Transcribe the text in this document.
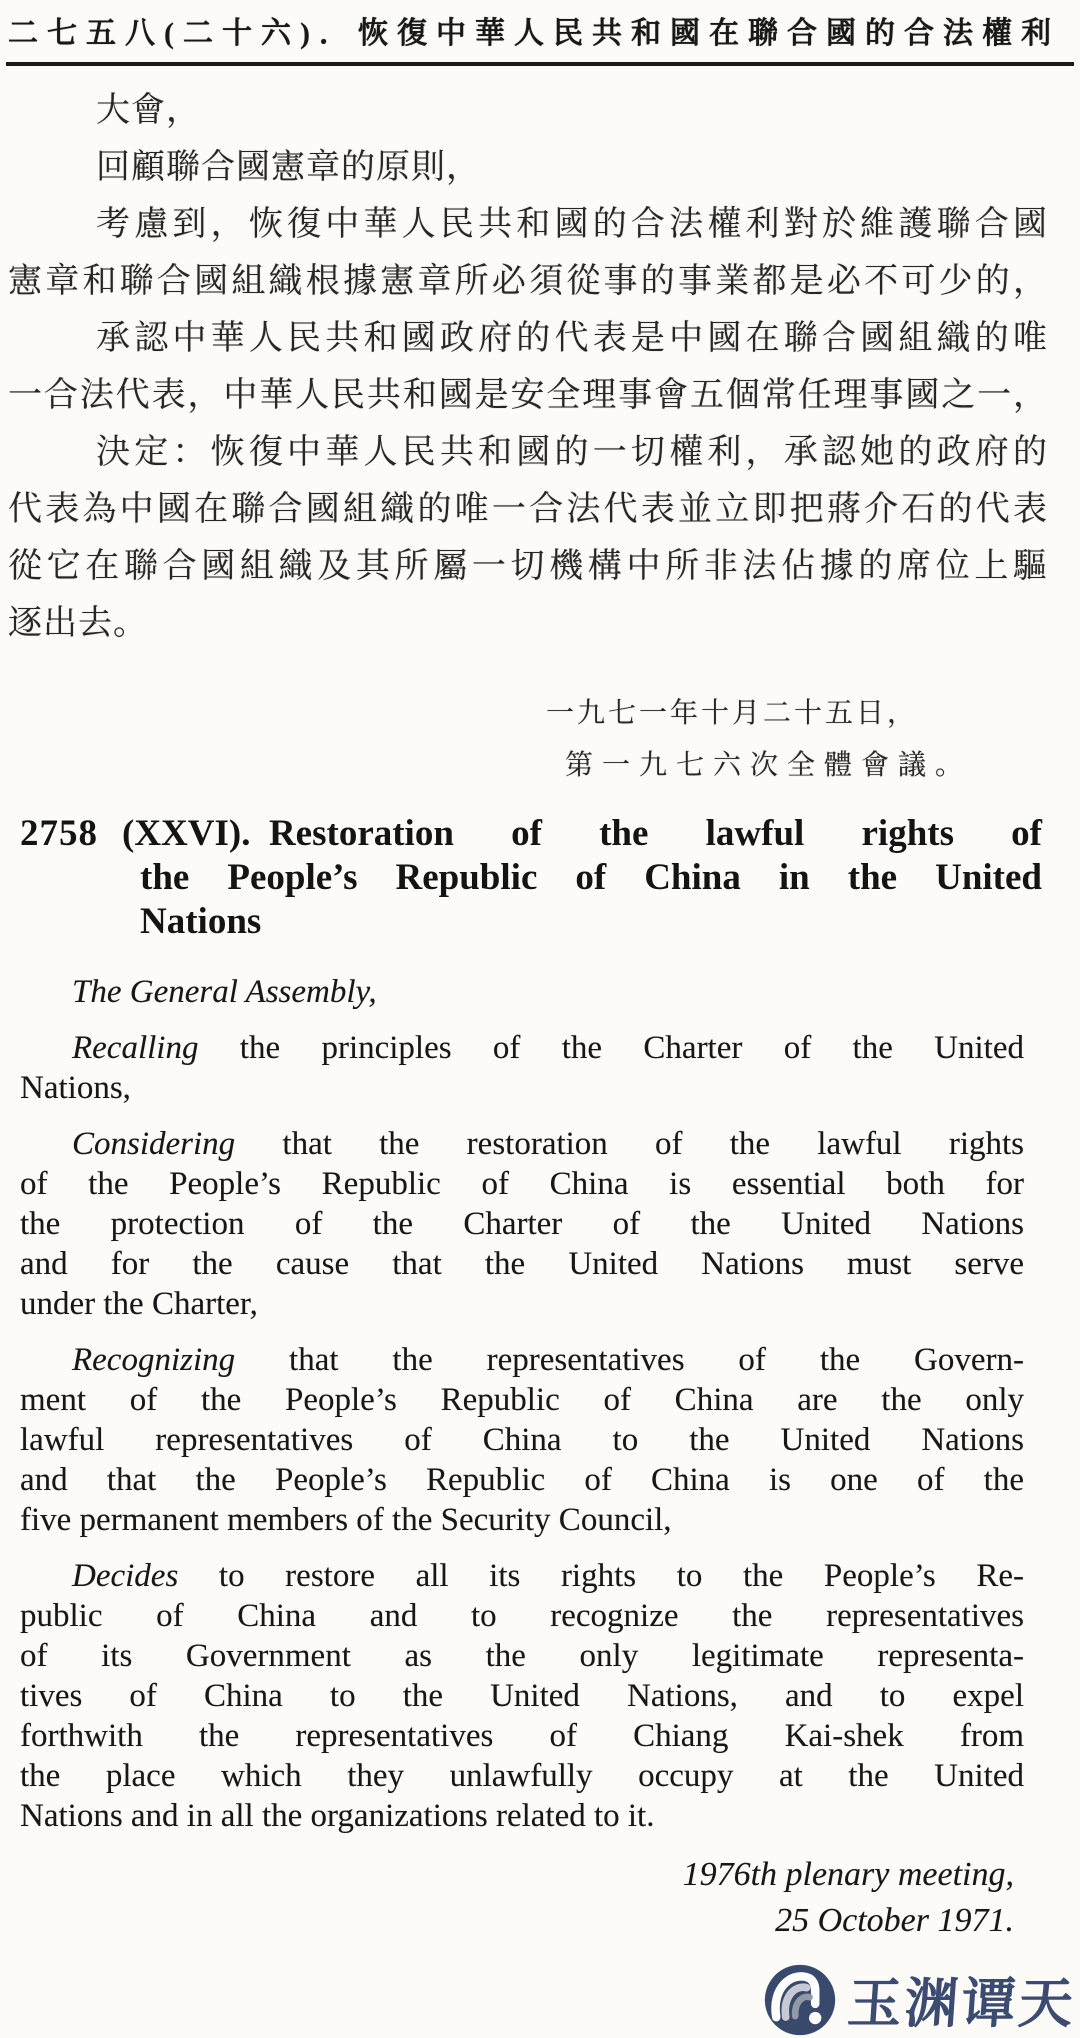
二七五八(二十六)．恢復中華人民共和國在聯合國的合法權利
大會，
回顧聯合國憲章的原則，
考慮到，恢復中華人民共和國的合法權利對於維護聯合國
憲章和聯合國組織根據憲章所必須從事的事業都是必不可少的，
承認中華人民共和國政府的代表是中國在聯合國組織的唯
一合法代表，中華人民共和國是安全理事會五個常任理事國之一，
決定：恢復中華人民共和國的一切權利，承認她的政府的
代表為中國在聯合國組織的唯一合法代表並立即把蔣介石的代表
從它在聯合國組織及其所屬一切機構中所非法佔據的席位上驅
逐出去。
一九七一年十月二十五日，
第一九七六次全體會議。
2758 (XXVI). Restoration of the lawful rights of
the People’s Republic of China in the United
Nations
The General Assembly,
Recalling the principles of the Charter of the United
Nations,
Considering that the restoration of the lawful rights
of the People’s Republic of China is essential both for
the protection of the Charter of the United Nations
and for the cause that the United Nations must serve
under the Charter,
Recognizing that the representatives of the Govern-
ment of the People’s Republic of China are the only
lawful representatives of China to the United Nations
and that the People’s Republic of China is one of the
five permanent members of the Security Council,
Decides to restore all its rights to the People’s Re-
public of China and to recognize the representatives
of its Government as the only legitimate representa-
tives of China to the United Nations, and to expel
forthwith the representatives of Chiang Kai-shek from
the place which they unlawfully occupy at the United
Nations and in all the organizations related to it.
1976th plenary meeting,
25 October 1971.
玉渊谭天
